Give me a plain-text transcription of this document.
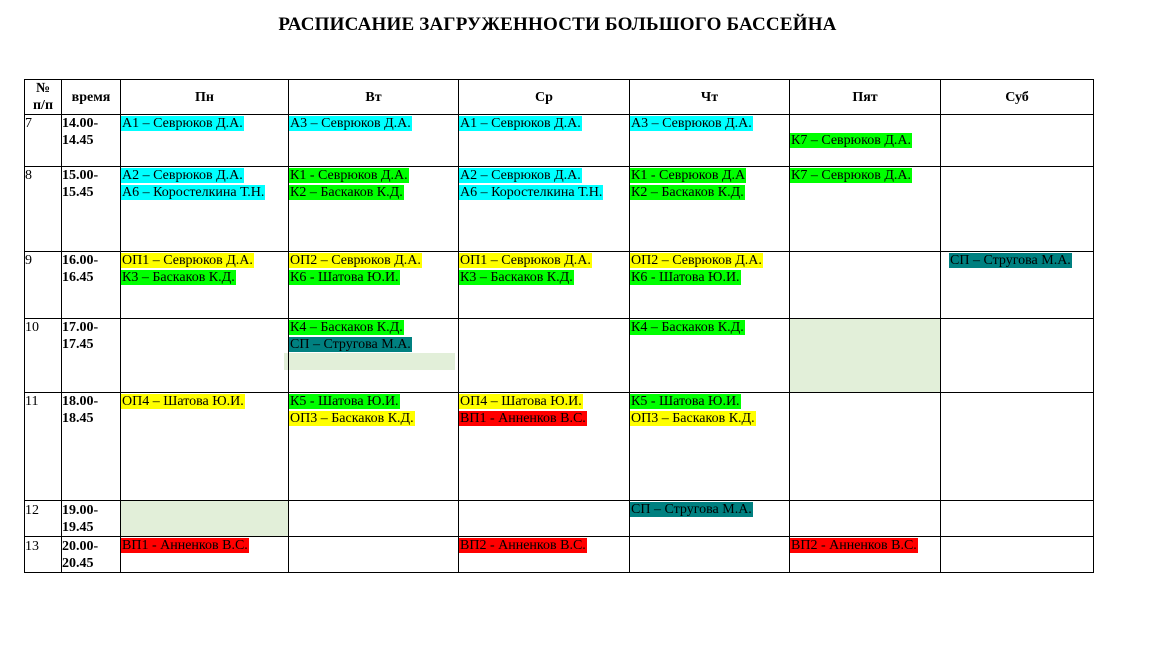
РАСПИСАНИЕ ЗАГРУЖЕННОСТИ БОЛЬШОГО БАССЕЙНА
№
п/п	время	Пн	Вт	Ср	Чт	Пят	Суб
7	14.00-
14.45	А1 – Севрюков Д.А.	А3 – Севрюков Д.А.	А1 – Севрюков Д.А.	А3 – Севрюков Д.А.	К7 – Севрюков Д.А.	

8	15.00-
15.45	А2 – Севрюков Д.А.
А6 – Коростелкина Т.Н.	К1 - Севрюков Д.А.
К2 – Баскаков К.Д.	А2 – Севрюков Д.А.
А6 – Коростелкина Т.Н.	К1 - Севрюков Д.А
К2 – Баскаков К.Д.	К7 – Севрюков Д.А.	

9	16.00-
16.45	ОП1 – Севрюков Д.А.
К3 – Баскаков К.Д.	ОП2 – Севрюков Д.А.
К6 - Шатова Ю.И.	ОП1 – Севрюков Д.А.
К3 – Баскаков К.Д.	ОП2 – Севрюков Д.А.
К6 - Шатова Ю.И.		СП – Стругова М.А.

10	17.00-
17.45		К4 – Баскаков К.Д.
СП – Стругова М.А.		К4 – Баскаков К.Д.		

11	18.00-
18.45	ОП4 – Шатова Ю.И.	К5 - Шатова Ю.И.
ОП3 – Баскаков К.Д.	ОП4 – Шатова Ю.И.
ВП1 - Анненков В.С.	К5 - Шатова Ю.И.
ОП3 – Баскаков К.Д.		

12	19.00-
19.45				СП – Стругова М.А.		

13	20.00-
20.45	ВП1 - Анненков В.С.		ВП2 - Анненков В.С.		ВП2 - Анненков В.С.	
